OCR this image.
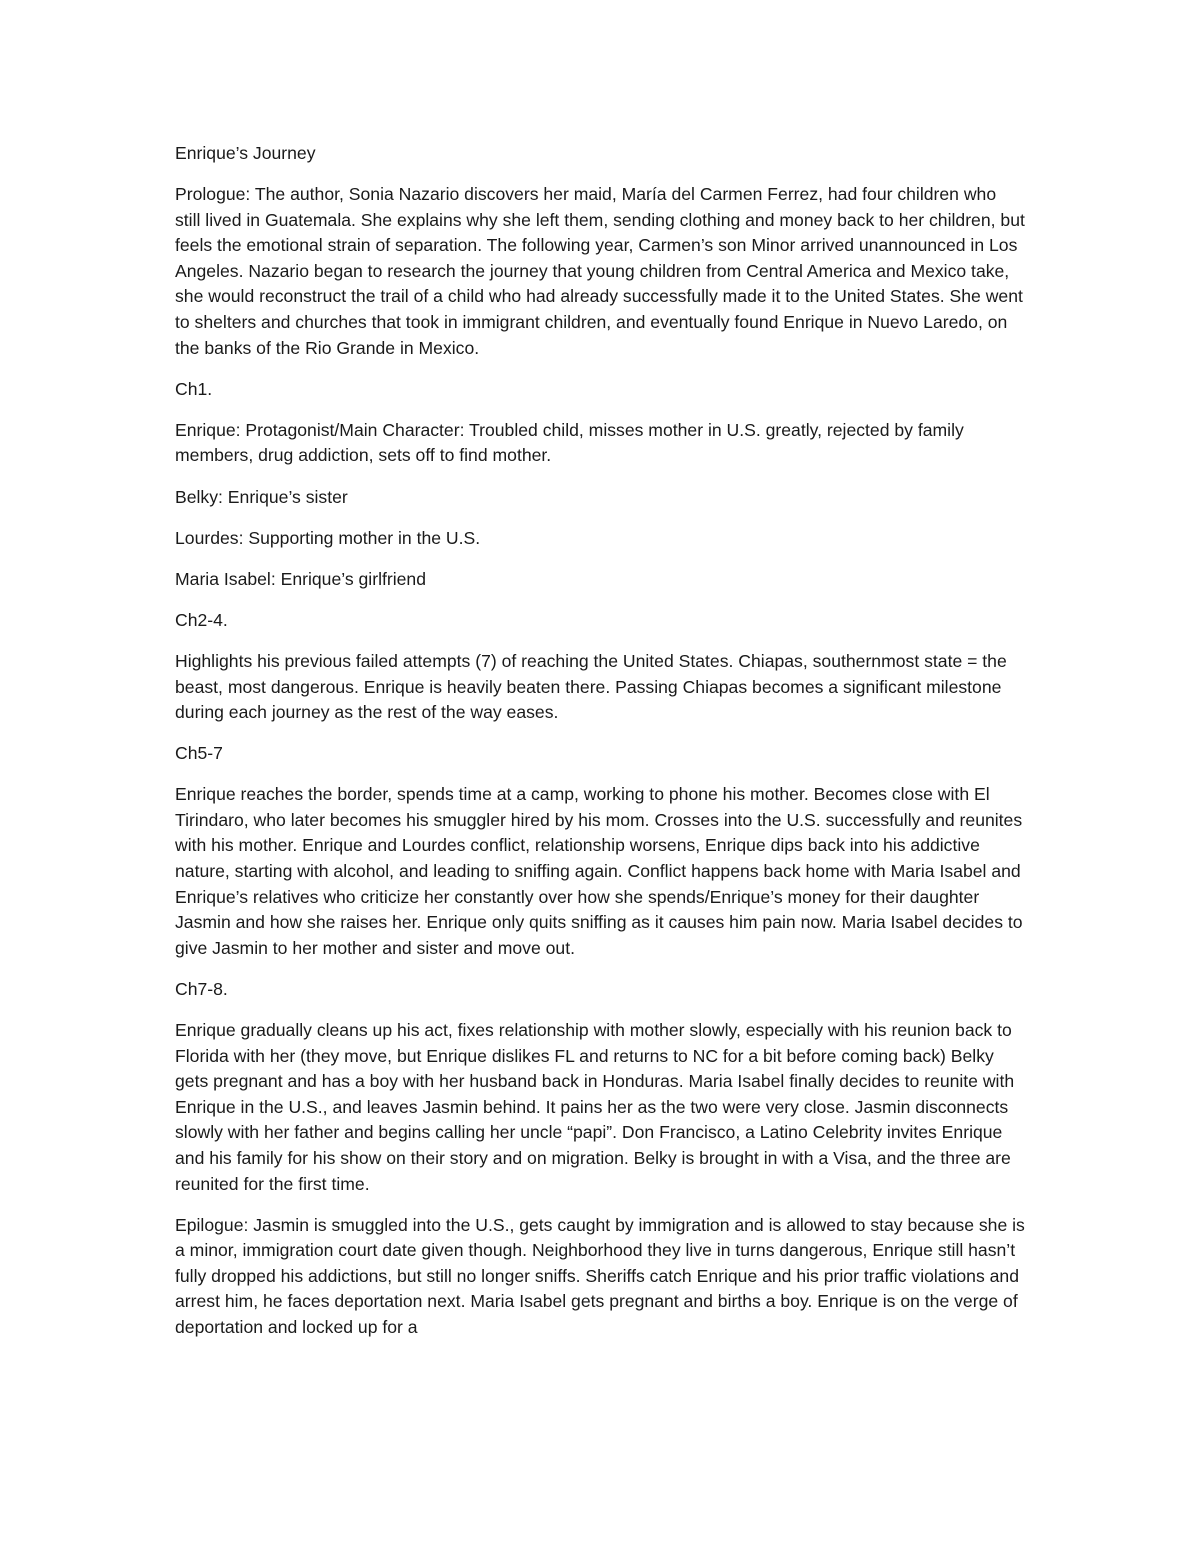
Enrique’s Journey

Prologue: The author, Sonia Nazario discovers her maid, María del Carmen Ferrez, had four children who still lived in Guatemala. She explains why she left them, sending clothing and money back to her children, but feels the emotional strain of separation. The following year, Carmen’s son Minor arrived unannounced in Los Angeles. Nazario began to research the journey that young children from Central America and Mexico take, she would reconstruct the trail of a child who had already successfully made it to the United States. She went to shelters and churches that took in immigrant children, and eventually found Enrique in Nuevo Laredo, on the banks of the Rio Grande in Mexico.

Ch1.

Enrique: Protagonist/Main Character: Troubled child, misses mother in U.S. greatly, rejected by family members, drug addiction, sets off to find mother.

Belky: Enrique’s sister

Lourdes: Supporting mother in the U.S.

Maria Isabel: Enrique’s girlfriend

Ch2-4.

Highlights his previous failed attempts (7) of reaching the United States. Chiapas, southernmost state = the beast, most dangerous. Enrique is heavily beaten there. Passing Chiapas becomes a significant milestone during each journey as the rest of the way eases.

Ch5-7

Enrique reaches the border, spends time at a camp, working to phone his mother. Becomes close with El Tirindaro, who later becomes his smuggler hired by his mom. Crosses into the U.S. successfully and reunites with his mother. Enrique and Lourdes conflict, relationship worsens, Enrique dips back into his addictive nature, starting with alcohol, and leading to sniffing again. Conflict happens back home with Maria Isabel and Enrique’s relatives who criticize her constantly over how she spends/Enrique’s money for their daughter Jasmin and how she raises her. Enrique only quits sniffing as it causes him pain now. Maria Isabel decides to give Jasmin to her mother and sister and move out.

Ch7-8.

Enrique gradually cleans up his act, fixes relationship with mother slowly, especially with his reunion back to Florida with her (they move, but Enrique dislikes FL and returns to NC for a bit before coming back) Belky gets pregnant and has a boy with her husband back in Honduras. Maria Isabel finally decides to reunite with Enrique in the U.S., and leaves Jasmin behind. It pains her as the two were very close. Jasmin disconnects slowly with her father and begins calling her uncle “papi”. Don Francisco, a Latino Celebrity invites Enrique and his family for his show on their story and on migration. Belky is brought in with a Visa, and the three are reunited for the first time.

Epilogue: Jasmin is smuggled into the U.S., gets caught by immigration and is allowed to stay because she is a minor, immigration court date given though. Neighborhood they live in turns dangerous, Enrique still hasn’t fully dropped his addictions, but still no longer sniffs. Sheriffs catch Enrique and his prior traffic violations and arrest him, he faces deportation next. Maria Isabel gets pregnant and births a boy. Enrique is on the verge of deportation and locked up for a
